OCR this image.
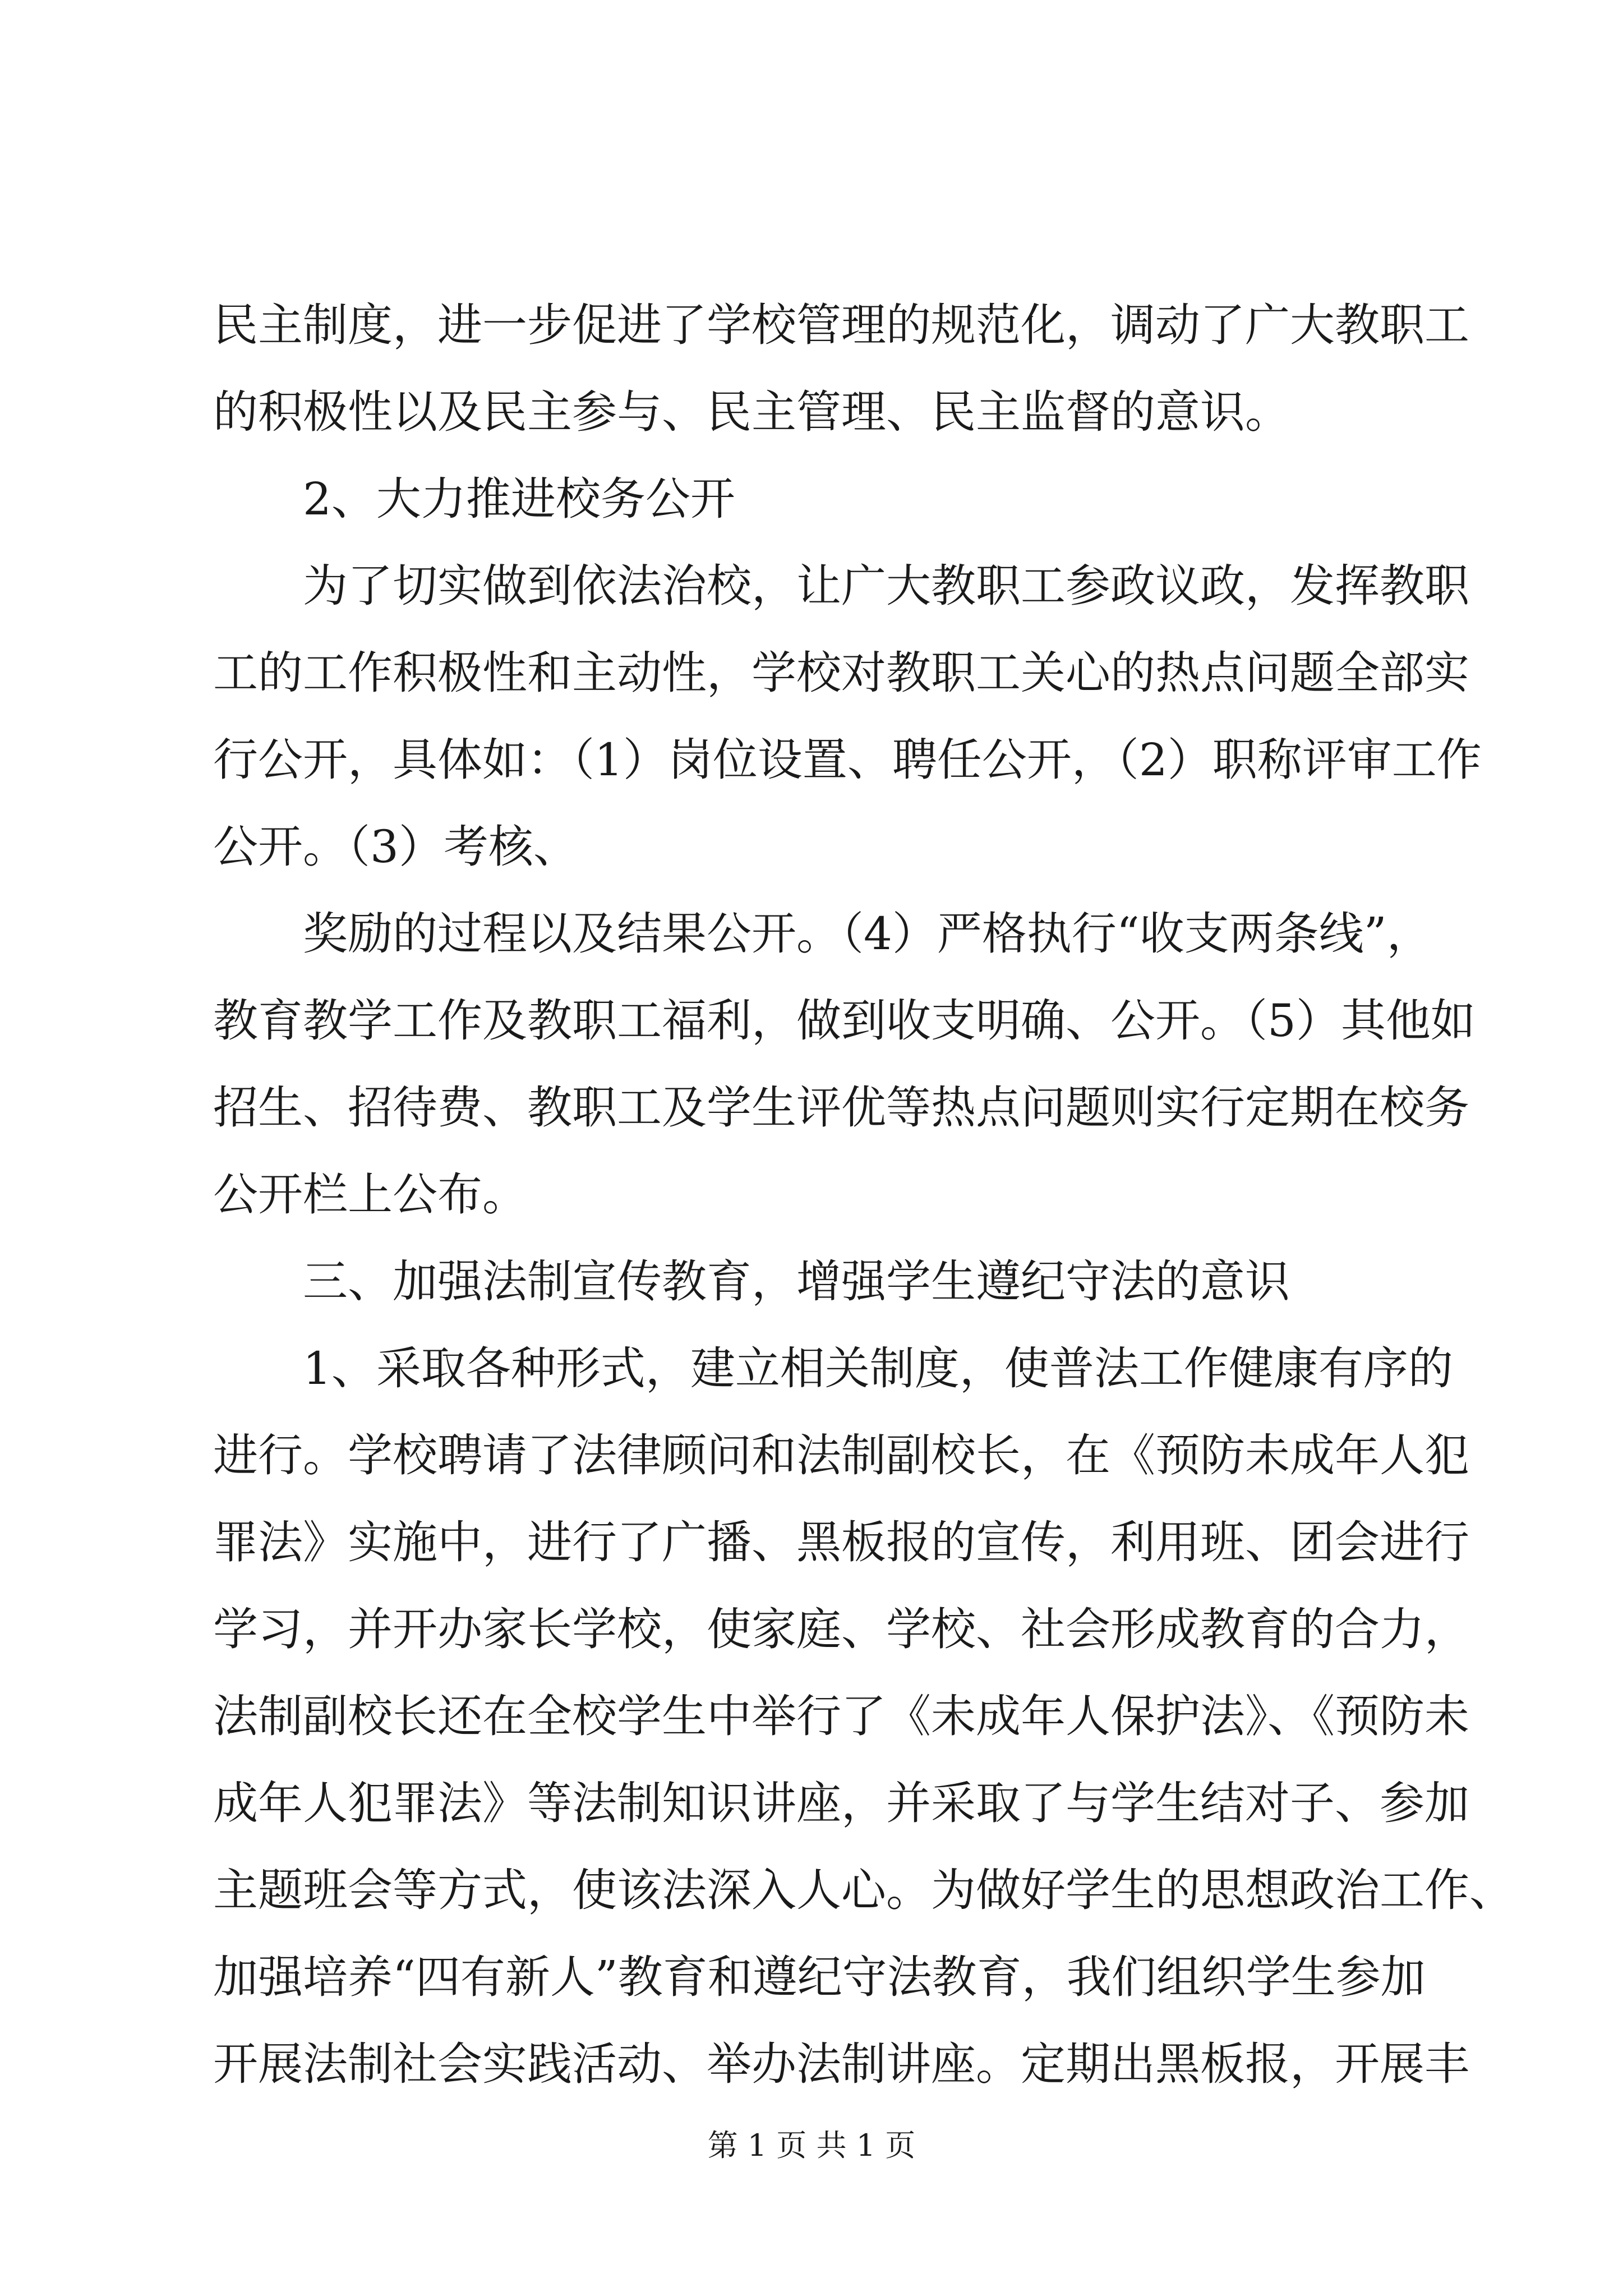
民主制度，进一步促进了学校管理的规范化，调动了广大教职工
的积极性以及民主参与、民主管理、民主监督的意识。
2、大力推进校务公开
为了切实做到依法治校，让广大教职工参政议政，发挥教职
工的工作积极性和主动性，学校对教职工关心的热点问题全部实
行公开，具体如：（1）岗位设置、聘任公开，（2）职称评审工作
公开。（3）考核、
奖励的过程以及结果公开。（4）严格执行“收支两条线”，
教育教学工作及教职工福利，做到收支明确、公开。（5）其他如
招生、招待费、教职工及学生评优等热点问题则实行定期在校务
公开栏上公布。
三、加强法制宣传教育，增强学生遵纪守法的意识
1、采取各种形式，建立相关制度，使普法工作健康有序的
进行。学校聘请了法律顾问和法制副校长，在《预防未成年人犯
罪法》实施中，进行了广播、黑板报的宣传，利用班、团会进行
学习，并开办家长学校，使家庭、学校、社会形成教育的合力，
法制副校长还在全校学生中举行了《未成年人保护法》、《预防未
成年人犯罪法》等法制知识讲座，并采取了与学生结对子、参加
主题班会等方式，使该法深入人心。为做好学生的思想政治工作、
加强培养“四有新人”教育和遵纪守法教育，我们组织学生参加
开展法制社会实践活动、举办法制讲座。定期出黑板报，开展丰
第 1 页 共 1 页
